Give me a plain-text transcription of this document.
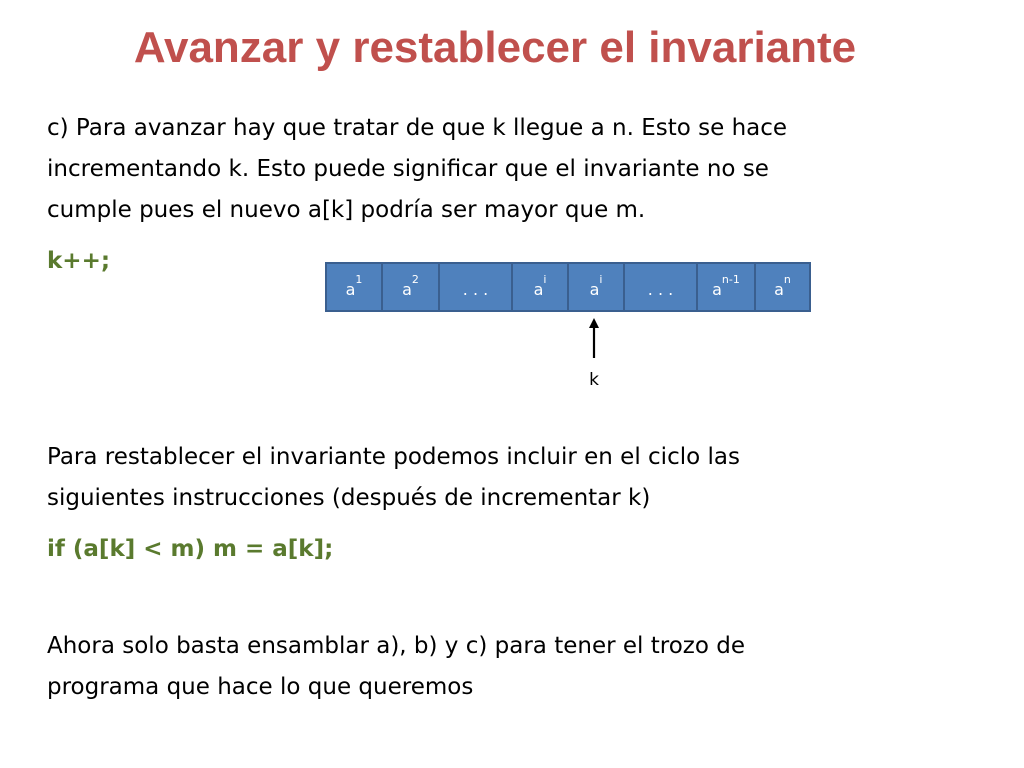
Avanzar y restablecer el invariante
c) Para avanzar hay que tratar de que k llegue a n. Esto se hace
incrementando k. Esto puede significar que el invariante no se
cumple pues el nuevo a[k] podría ser mayor que m.
k++;
a
1
a
2
. . .	a
i
a
i
. . . a
n-1
a
n
k
Para restablecer el invariante podemos incluir en el ciclo las
siguientes instrucciones (después de incrementar k)
if (a[k] < m) m = a[k];
Ahora solo basta ensamblar a), b) y c) para tener el trozo de
programa que hace lo que queremos
